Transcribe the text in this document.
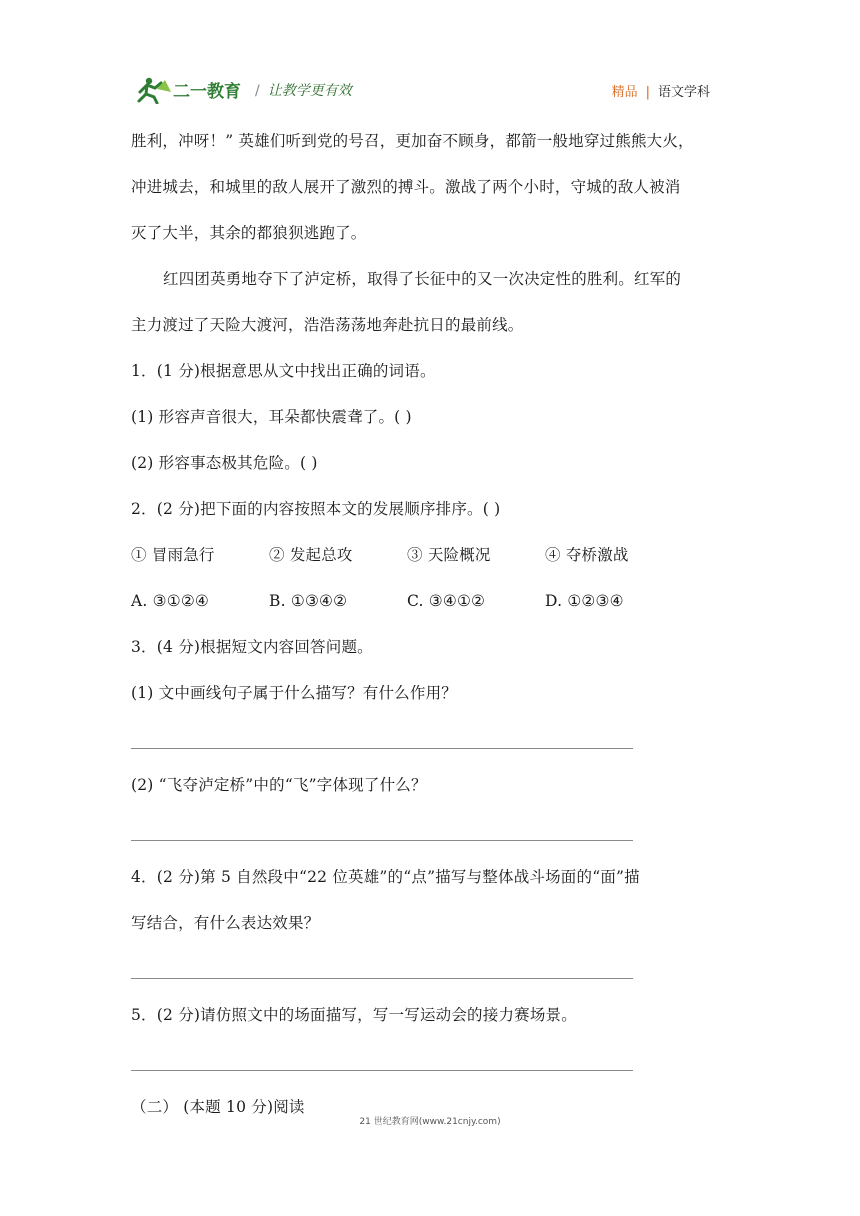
二一教育 / 让教学更有效	精品 | 语文学科
胜利，冲呀！” 英雄们听到党的号召，更加奋不顾身，都箭一般地穿过熊熊大火，
冲进城去，和城里的敌人展开了激烈的搏斗。激战了两个小时，守城的敌人被消
灭了大半，其余的都狼狈逃跑了。
红四团英勇地夺下了泸定桥，取得了长征中的又一次决定性的胜利。红军的
主力渡过了天险大渡河，浩浩荡荡地奔赴抗日的最前线。
1．(1 分)根据意思从文中找出正确的词语。
(1) 形容声音很大，耳朵都快震聋了。( )
(2) 形容事态极其危险。( )
2．(2 分)把下面的内容按照本文的发展顺序排序。( )
① 冒雨急行	② 发起总攻	③ 天险概况	④ 夺桥激战
A. ③①②④	B. ①③④②	C. ③④①②	D. ①②③④
3．(4 分)根据短文内容回答问题。
(1) 文中画线句子属于什么描写？有什么作用？
(2) “飞夺泸定桥”中的“飞”字体现了什么？
4．(2 分)第 5 自然段中“22 位英雄”的“点”描写与整体战斗场面的“面”描
写结合，有什么表达效果？
5．(2 分)请仿照文中的场面描写，写一写运动会的接力赛场景。
（二） (本题 10 分)阅读
21 世纪教育网(www.21cnjy.com)
